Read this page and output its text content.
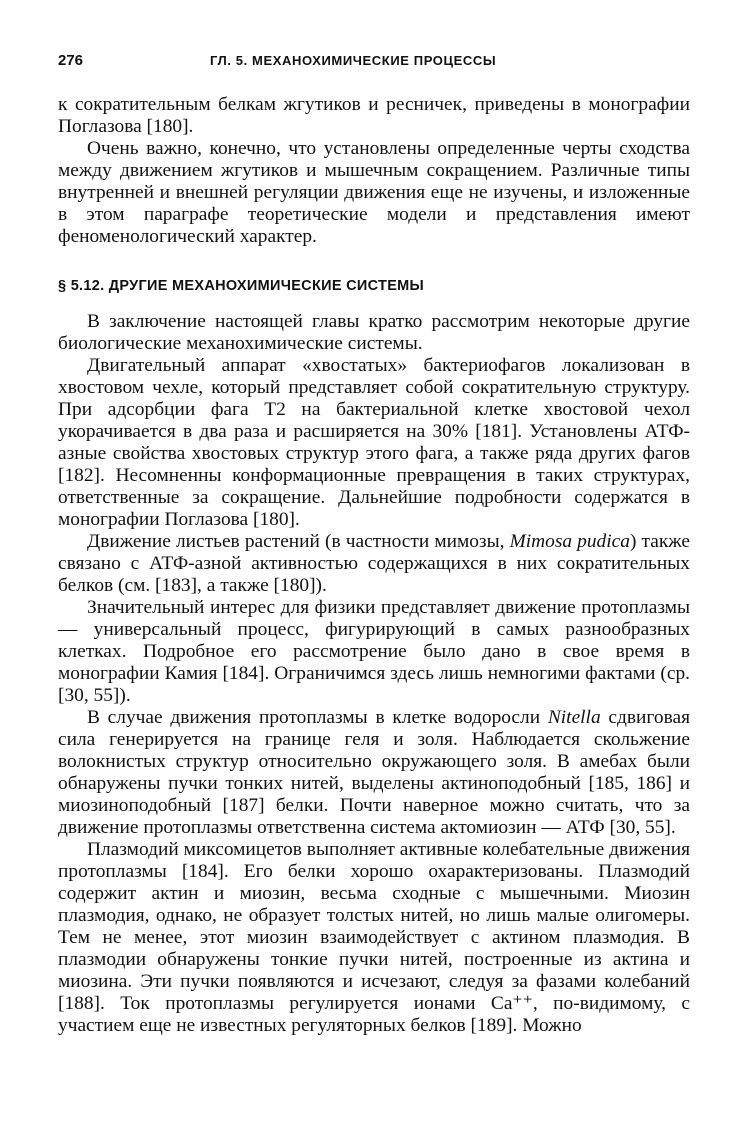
276	ГЛ. 5. МЕХАНОХИМИЧЕСКИЕ ПРОЦЕССЫ

к сократительным белкам жгутиков и ресничек, приведены в монографии Поглазова [180].

Очень важно, конечно, что установлены определенные черты сходства между движением жгутиков и мышечным сокращением. Различные типы внутренней и внешней регуляции движения еще не изучены, и изложенные в этом параграфе теоретические модели и представления имеют феноменологический характер.

§ 5.12. ДРУГИЕ МЕХАНОХИМИЧЕСКИЕ СИСТЕМЫ

В заключение настоящей главы кратко рассмотрим некоторые другие биологические механохимические системы.

Двигательный аппарат «хвостатых» бактериофагов локализован в хвостовом чехле, который представляет собой сократительную структуру. При адсорбции фага Т2 на бактериальной клетке хвостовой чехол укорачивается в два раза и расширяется на 30% [181]. Установлены АТФ-азные свойства хвостовых структур этого фага, а также ряда других фагов [182]. Несомненны конформационные превращения в таких структурах, ответственные за сокращение. Дальнейшие подробности содержатся в монографии Поглазова [180].

Движение листьев растений (в частности мимозы, Mimosa pudica) также связано с АТФ-азной активностью содержащихся в них сократительных белков (см. [183], а также [180]).

Значительный интерес для физики представляет движение протоплазмы — универсальный процесс, фигурирующий в самых разнообразных клетках. Подробное его рассмотрение было дано в свое время в монографии Камия [184]. Ограничимся здесь лишь немногими фактами (ср. [30, 55]).

В случае движения протоплазмы в клетке водоросли Nitella сдвиговая сила генерируется на границе геля и золя. Наблюдается скольжение волокнистых структур относительно окружающего золя. В амебах были обнаружены пучки тонких нитей, выделены актиноподобный [185, 186] и миозиноподобный [187] белки. Почти наверное можно считать, что за движение протоплазмы ответственна система актомиозин — АТФ [30, 55].

Плазмодий миксомицетов выполняет активные колебательные движения протоплазмы [184]. Его белки хорошо охарактеризованы. Плазмодий содержит актин и миозин, весьма сходные с мышечными. Миозин плазмодия, однако, не образует толстых нитей, но лишь малые олигомеры. Тем не менее, этот миозин взаимодействует с актином плазмодия. В плазмодии обнаружены тонкие пучки нитей, построенные из актина и миозина. Эти пучки появляются и исчезают, следуя за фазами колебаний [188]. Ток протоплазмы регулируется ионами Са⁺⁺, по-видимому, с участием еще не известных регуляторных белков [189]. Можно
